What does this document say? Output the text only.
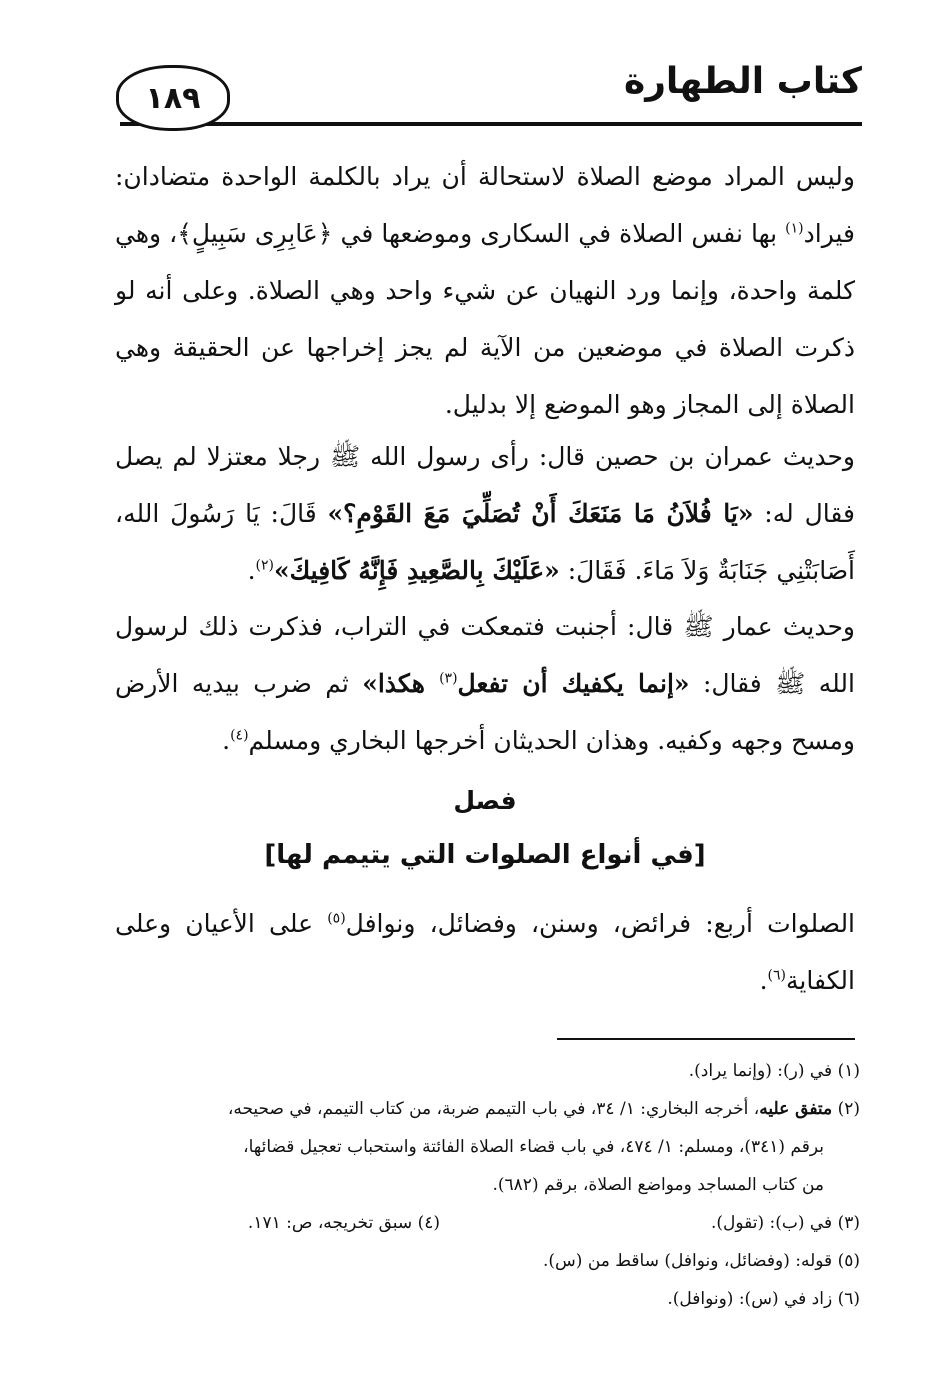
كتاب الطهارة
١٨٩
وليس المراد موضع الصلاة لاستحالة أن يراد بالكلمة الواحدة متضادان: فيراد$^{(١)}$ بها نفس الصلاة في السكارى وموضعها في ﴿عَابِرِى سَبِيلٍ﴾، وهي كلمة واحدة، وإنما ورد النهيان عن شيء واحد وهي الصلاة. وعلى أنه لو ذكرت الصلاة في موضعين من الآية لم يجز إخراجها عن الحقيقة وهي الصلاة إلى المجاز وهو الموضع إلا بدليل.
وحديث عمران بن حصين قال: رأى رسول الله ﷺ رجلا معتزلا لم يصل فقال له: «يَا فُلاَنُ مَا مَنَعَكَ أَنْ تُصَلِّيَ مَعَ القَوْمِ؟» قَالَ: يَا رَسُولَ الله، أَصَابَتْنِي جَنَابَةٌ وَلاَ مَاءَ. فَقَالَ: «عَلَيْكَ بِالصَّعِيدِ فَإِنَّهُ كَافِيكَ»$^{(٢)}$.
وحديث عمار ﷺ قال: أجنبت فتمعكت في التراب، فذكرت ذلك لرسول الله ﷺ فقال: «إنما يكفيك أن تفعل$^{(٣)}$ هكذا» ثم ضرب بيديه الأرض ومسح وجهه وكفيه. وهذان الحديثان أخرجها البخاري ومسلم$^{(٤)}$.
فصل
[في أنواع الصلوات التي يتيمم لها]
الصلوات أربع: فرائض، وسنن، وفضائل، ونوافل$^{(٥)}$ على الأعيان وعلى الكفاية$^{(٦)}$.
(١) في (ر): (وإنما يراد).
(٢) متفق عليه، أخرجه البخاري: ١/ ٣٤، في باب التيمم ضربة، من كتاب التيمم، في صحيحه،
برقم (٣٤١)، ومسلم: ١/ ٤٧٤، في باب قضاء الصلاة الفائتة واستحباب تعجيل قضائها،
من كتاب المساجد ومواضع الصلاة، برقم (٦٨٢).
(٣) في (ب): (تقول).
(٤) سبق تخريجه، ص: ١٧١.
(٥) قوله: (وفضائل، ونوافل) ساقط من (س).
(٦) زاد في (س): (ونوافل).
